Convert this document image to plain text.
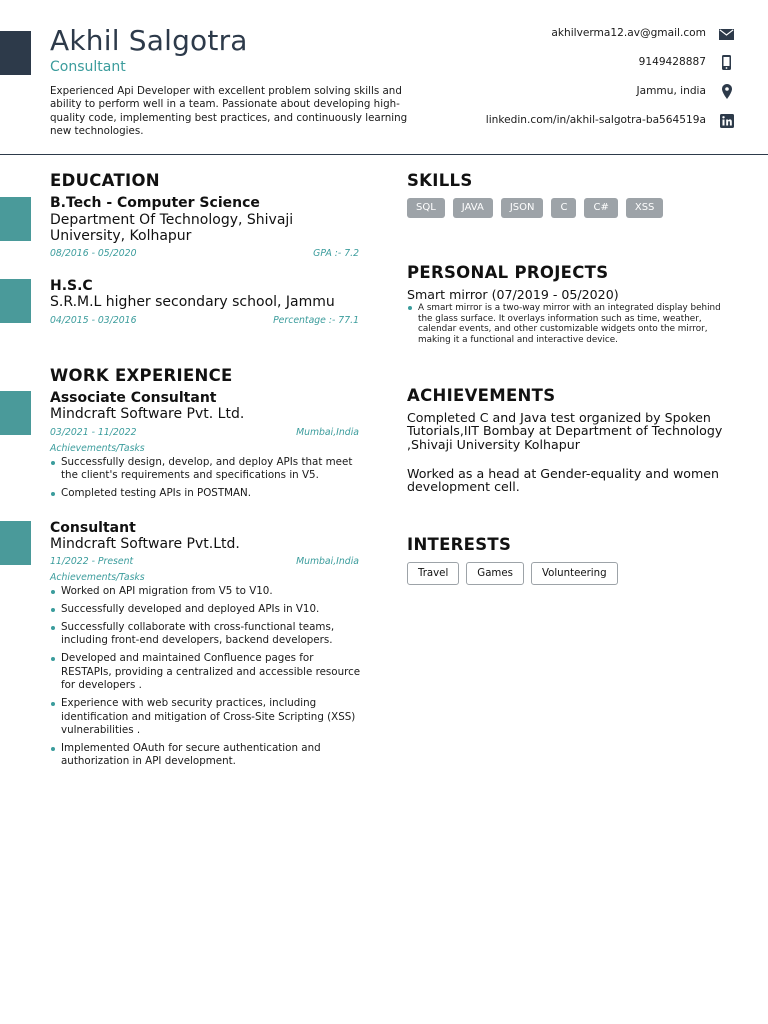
Akhil Salgotra
Consultant
Experienced Api Developer with excellent problem solving skills and ability to perform well in a team. Passionate about developing high-quality code, implementing best practices, and continuously learning new technologies.
akhilverma12.av@gmail.com
9149428887
Jammu, india
linkedin.com/in/akhil-salgotra-ba564519a
EDUCATION
B.Tech - Computer Science
Department Of Technology, Shivaji University, Kolhapur
08/2016 - 05/2020	GPA :- 7.2
H.S.C
S.R.M.L higher secondary school, Jammu
04/2015 - 03/2016	Percentage :- 77.1
WORK EXPERIENCE
Associate Consultant
Mindcraft Software Pvt. Ltd.
03/2021 - 11/2022	Mumbai,India
Achievements/Tasks
Successfully design, develop, and deploy APIs that meet the client's requirements and specifications in V5.
Completed testing APIs in POSTMAN.
Consultant
Mindcraft Software Pvt.Ltd.
11/2022 - Present	Mumbai,India
Achievements/Tasks
Worked on API migration from V5 to V10.
Successfully developed and deployed APIs in V10.
Successfully collaborate with cross-functional teams, including front-end developers, backend developers.
Developed and maintained Confluence pages for RESTAPIs, providing a centralized and accessible resource for developers .
Experience with web security practices, including identification and mitigation of Cross-Site Scripting (XSS) vulnerabilities .
Implemented OAuth for secure authentication and authorization in API development.
SKILLS
SQL	JAVA	JSON	C	C#	XSS
PERSONAL PROJECTS
Smart mirror (07/2019 - 05/2020)
A smart mirror is a two-way mirror with an integrated display behind the glass surface. It overlays information such as time, weather, calendar events, and other customizable widgets onto the mirror, making it a functional and interactive device.
ACHIEVEMENTS
Completed C and Java test organized by Spoken Tutorials,IIT Bombay at Department of Technology ,Shivaji University Kolhapur
Worked as a head at Gender-equality and women development cell.
INTERESTS
Travel	Games	Volunteering
